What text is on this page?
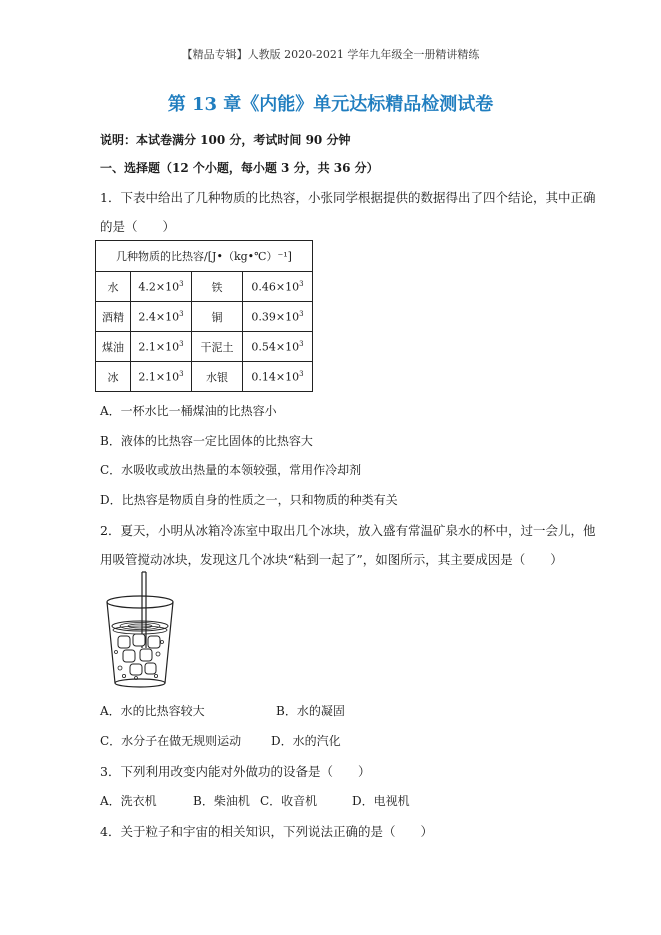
【精品专辑】人教版 2020-2021 学年九年级全一册精讲精练
第 13 章《内能》单元达标精品检测试卷
说明：本试卷满分 100 分，考试时间 90 分钟
一、选择题（12 个小题，每小题 3 分，共 36 分）
1．下表中给出了几种物质的比热容，小张同学根据提供的数据得出了四个结论，其中正确
的是（　　）
几种物质的比热容/[J•（kg•℃）⁻¹]			
水	$4.2\times 10^3$	铁	$0.46\times 10^3$
酒精	$2.4\times 10^3$	铜	$0.39\times 10^3$
煤油	$2.1\times 10^3$	干泥土	$0.54\times 10^3$
冰	$2.1\times 10^3$	水银	$0.14\times 10^3$
A．一杯水比一桶煤油的比热容小
B．液体的比热容一定比固体的比热容大
C．水吸收或放出热量的本领较强，常用作冷却剂
D．比热容是物质自身的性质之一，只和物质的种类有关
2．夏天，小明从冰箱冷冻室中取出几个冰块，放入盛有常温矿泉水的杯中，过一会儿，他
用吸管搅动冰块，发现这几个冰块“粘到一起了”，如图所示，其主要成因是（　　）
A．水的比热容较大	B．水的凝固
C．水分子在做无规则运动 D．水的汽化
3．下列利用改变内能对外做功的设备是（　　）
A．洗衣机	B．柴油机 C．收音机	D．电视机
4．关于粒子和宇宙的相关知识，下列说法正确的是（　　）
